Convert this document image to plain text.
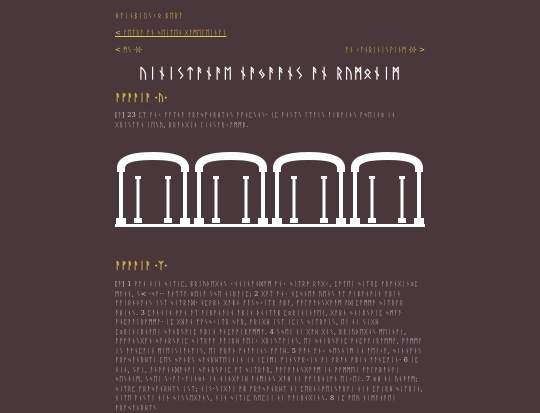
ᚺᚨᛁᚾᛒᛁᚢᛊᚲᛟ ᛒᛖᚱᚨ
< ᚨᛖᛏᚱᚨ ᚨᚾ ᛃᛖᛁᛏᛖᚾ ᚷᚨᛗᛖᛚᛖᛁᚾᚨᛁ
< ᛗᛊ ·ᛞ·	ᚨᚾ ᚲᚨᚾᚱᛁᚾᛁᛊᚹᛁᚾᛗ ·ᛞ· >
ᚢᛁᚾᛁᛊᛏᚨᚾᚨᛖ ᚾᚨᛃᚨᚨᚾᛊ ᚨᚾ ᚱᚢᛗᛟᚾᛁᛗ
ᚨᚠᚨᚨᛁᚨ ·ᚢ·
[ᚨ] 23 ᛈᛉ ᚨᚾᚲ ᚨᚨᛏᚾᚨ ᚠᚱᚨᛃᚨᚾᚱᚺᛏᚾᛊ ᚨᚨᚾᛈᛊᚾᛊ· ᛁᛈ ᚨᚾᛊᛏᛊ ᛚᛏᚨᛁᛊ ᚨᛁᛒᚨᛁᚾᛊ ᚨᛃᛖᛁᚾᛟ ᛁᚾ ᚷᚱᛁᛊᛏᚨᚾ ᛁᛖᛊᚢ, ᛒᚱᚨᚾᚷᛁᚾ ᛚᛁᚾᛊᚨᚱᚲᚨᛗᛗᛒ.
ᚨᚠᚨᚨᛁᚨ ·ᛉ·
[ᚨ] 1 ᚹᚨᚾ ᚾᛁᚾ ᛃᛁᛏᛁᛈ, ᛒᚱᛁᚢᚦᛖᚷᚾᛊ ᚲᚾᚾᛁᚾᚨᚾᛞᚨᛗ ᚨᚾᚲ ᛃᛁᛏᚱᚹ ᚱᚨᚷᚲ, ᛈᚨᛏᛖᛁ ᛃᛁᛏᚱᛈ ᚠᚱᚨᚾᚷᛁᚾᛟᛈ ᛗᚨᚾᚾ, ᛊ< ·ᛃᚨ·· ᚨᚾᛏᛏᚨ ᛟᛖᛁᚨ ᛊᛃᛖ ᚾᛁᛒᚨᛁᛈ; 2 ᚷᚨᛏ ᚨᚾᚲ ᚾᛈᛃᚾᛖᚨ ᚢᛖᚾᛊ ᚨᛏ ᚨᛁᛒᚨᚾᚨᛁᚾ ᚨᛒᛁᚾ ᚠᚨᛁᚱᚾᚾᚨᚾᛊ ᛁᛊᛏ ᛃᛁᛏᚱᚨᛞ· ᚾᛈᚹᛒᚾ ᚷᚨᛒᚾ ᚠᚨᛊᛃᚲᛁᛏᚱ ᚨᛒᚨ, ᚠᚨᛚᚨᚨᚾᛊᚷᚨᚨᛗ ᚨᛞ ᛈᚨᛗᛗᚨ ᛃᛁᛏᚱᚨᚱ ᚨᛒᛁᚾᛊ. 3 ᛈᚨᚾᚾᛁᚾ ᚹᚨᚾ ᚨᛏ ᚨᛁᛒᚨᚾᚨᛁᚾ ᚨᛒᛁᚾ ᚦᚾᛁᛏᚨᛒ ᛈᛟᚱᛁᚾᛁᚾᚨᛖᛁ, ᚷᚨᛒᚾ ᛃᚾᛁᚱᛊᚹᛁᛈ ᛃᛗᚨᚨ ᚨᚾᛈᚨᚨᛁᚱᚨᛗᛗᚨ· ᛁᛈ ᚷᚺᚨᚾ ᚠᚨᛊᛃᚲᛁᛏᚱ ᛃᚨᚱ, ᚠᚱᛁᚷᚺ ᛁᛊᛏ ᛁᛈᛁᛊ ᛃᛁᛏᚱᚨᛁᛊ, ᛖᛁ ᚾᛁ ᛊᛁᚷᚺ ᛈᛟᚱᛁᚾᛁᛒᚾᚨᛖᛁ ᛃᚨᚾᚱᛊᚹᛁᛈ ᚨᛒᛁᚾ ᚨᚾᛈᚨᚨᛁᚱᚨᛗᛗᚨ. 4 ᛊᛃᛖᛁ ᚾᛁ ᚷᚨᚺ ᚷᚾᛊ, ᛒᚱᛁᚢᚦᛖᚷᚾᛊ ᛗᛖᛁᚾᚨᛁ, ᚨᚠᚨᚨᚾᛊᚷᚨᚾ ᛃᚨᚾᚱᛊᚹᛁᛈ ᛃᛁᛏᚱᚨᚨ ᚹᚨᛁᚱᚺ ᚨᛖᛁᚲ ᚷᚱᛁᛊᛏᚨᛁᚾᛊ, ᛖᛁ ᛃᚾᛁᚱᛊᚹᛁᛈ ᚨᚾᛈᚨᚨᛁᚱᚨᛗᛗᚨ, ᚹᚨᛗᛗᚨ ᛁᛊ ᚨᚨᚾᛈᚨᛁᚾ ᛗᛁᛖᛁᛊᛁᚨᚾᚨᛁᛊ, ᛖᛁ ᚨᚱᚨᚾ ᚨᚾᚨᚨᛁᚾᛊ ᚠᚨᛚᚺ. 5 ᚹᚨᚾ ᚨᚾᚲ ᛃᛖᛊᚾᛁᛗ ᛁᚾ ᚨᛖᛁᚲᚨ, ᛃᛁᚾᚾᚨᚾᛊ ᚠᚱᚨᛃᚨᚾᚱᚺᛏᛁ ᛈᛖᛊ ᛃᚨᚾᚱᛊ ᛃᚨᚾᚱᚺᛏᛖᛁᚾᛁᚾ ᛁᚾ ᛁᛈᛁᛗᛁ ᚠᛁᚾᛊᚨᚱᚲᛁᚾ ᚨᛁ ᚨᚱᚨᚾ ᚨᛒᛁᚾ ᚨᚨᚾᛈᚨᛁᚾ· 6 ᛁᛈ ᚾᛁᚾ, ᛊᚨᛁ, ᚨᚾᚨᚨᚾᚾᛞᚨᚾᚨᛁ ᛃᚨᚾᚱᛊᚹᛁᛈ ᚨᛏ ᛃᛁᛏᚱᚨᚱ, ᚠᚨᛚᚨᚨᚾᛊᚷᚨᚨᛗ ᛁᚾ ᚹᚨᛗᛗᛖᛁ ᚠᚨᛚᚨᛒᚨᚾᚨᛁ ᛃᛖᛊᚾᛁᛗ, ᛊᛃᛖᛁ ᛊᚲᚨᛚᚲᚨᛁᚾᛟᚾ ᛁᚾ ᚾᛁᚾᚷᚹᛁᚺ ᚨᚾᛗᛁᚾᛊ ᚷᚨᚺ ᚾᛁ ᚠᚨᛁᚱᚾᛁᚨᚾ ᛖᛁᚲᛖᛁ. 7 ᛟᚺ ᚾᛁ ᚢᚾᚹᚨᛗ; ᛃᛁᛏᚱᛈ ᚠᚱᚨᛃᚨᚾᚱᚺᛏᛊ ᛁᛊᛏ; ᚾᛁᛊ·ᛊᛁᚷᚨᛁ ᚨᛒ ᚠᚱᚨᛃᚨᚾᚱᚺᛏ ᚾᛁ ᛈᛖᚱᚾᛁᚹᛖᛁᛊᚨᚱᚨᛁ ᚾᛁᚾ ᛈᚨᛁᚱᚺ ᛃᛁᛏᚱᛁᚾ, ᚾᛁᛏᛖ ᚨᚾᛊᛏᛁ ᚾᛁᚾ ᛃᛁᛊᛊᛖᚷᚨᚾᛊ, ᚾᛁᚾ ᛃᛁᛏᛁᛈ ᚢᛖᛈᛁᛁ ᚾᛁ ᚠᚨᛁᚱᚾᚷᛁᚾᛊ. 8 ᛁᛈ ᚨᛖᚤ ᚾᛁᛗᚨᚾᚨᛖᛁ ᚠᚱᚨᛃᚨᚾᚱᚺᛏᛊ
